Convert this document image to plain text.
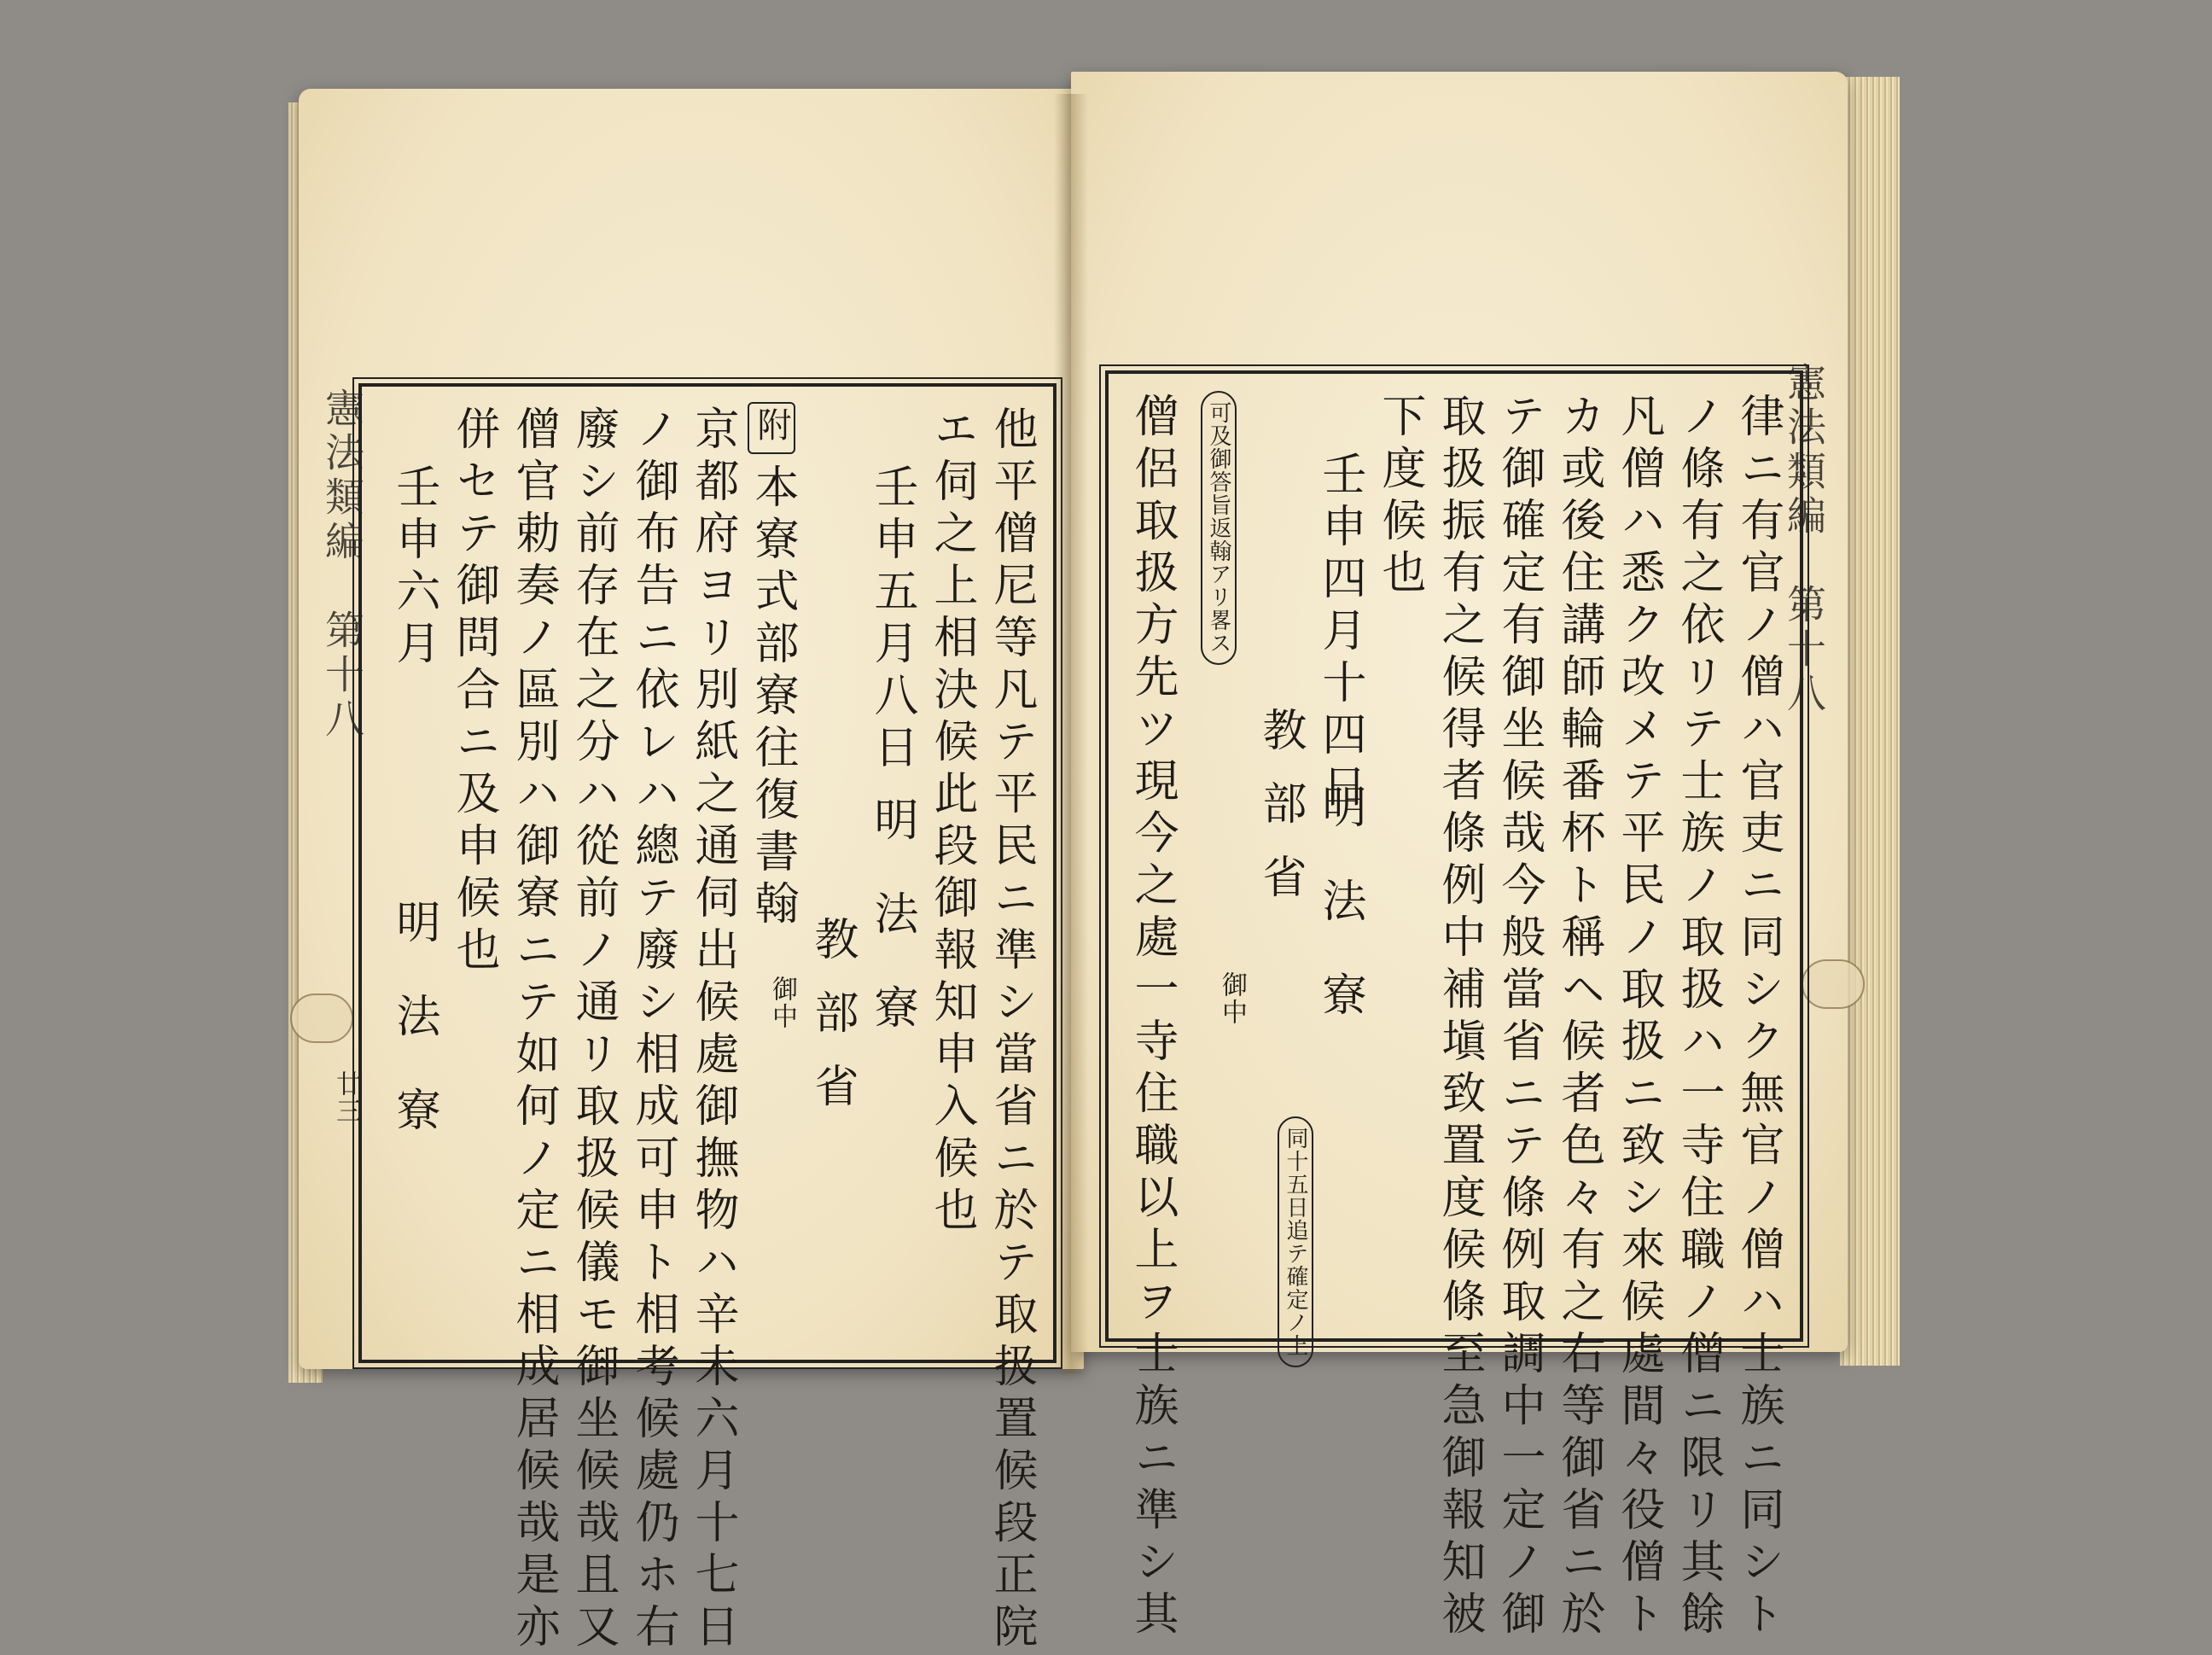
憲法類編
第十八
廿三	他平僧尼等凡テ平民ニ準シ當省ニ於テ取扱置候段正院
エ伺之上相決候此段御報知申入候也
壬申五月八日
明法寮
教部省
御中
附
本寮式部寮往復書翰
京都府ヨリ別紙之通伺出候處御撫物ハ辛未六月十七日
ノ御布告ニ依レハ總テ廢シ相成可申ト相考候處仍ホ右
廢シ前存在之分ハ從前ノ通リ取扱候儀モ御坐候哉且又
僧官勅奏ノ區別ハ御寮ニテ如何ノ定ニ相成居候哉是亦
併セテ御問合ニ及申候也
壬申六月
明法寮
憲法類編
第十八
律ニ有官ノ僧ハ官吏ニ同シク無官ノ僧ハ士族ニ同シト
ノ條有之依リテ士族ノ取扱ハ一寺住職ノ僧ニ限リ其餘
凡僧ハ悉ク改メテ平民ノ取扱ニ致シ來候處間々役僧ト
カ或後住講師輪番杯ト稱ヘ候者色々有之右等御省ニ於
テ御確定有御坐候哉今般當省ニテ條例取調中一定ノ御
取扱振有之候得者條例中補塡致置度候條至急御報知被
下度候也
壬申四月十四日
明法寮
教部省
御中
同十五日追テ確定ノ上
可及御答旨返翰アリ畧ス
僧侶取扱方先ツ現今之處一寺住職以上ヲ士族ニ準シ其
